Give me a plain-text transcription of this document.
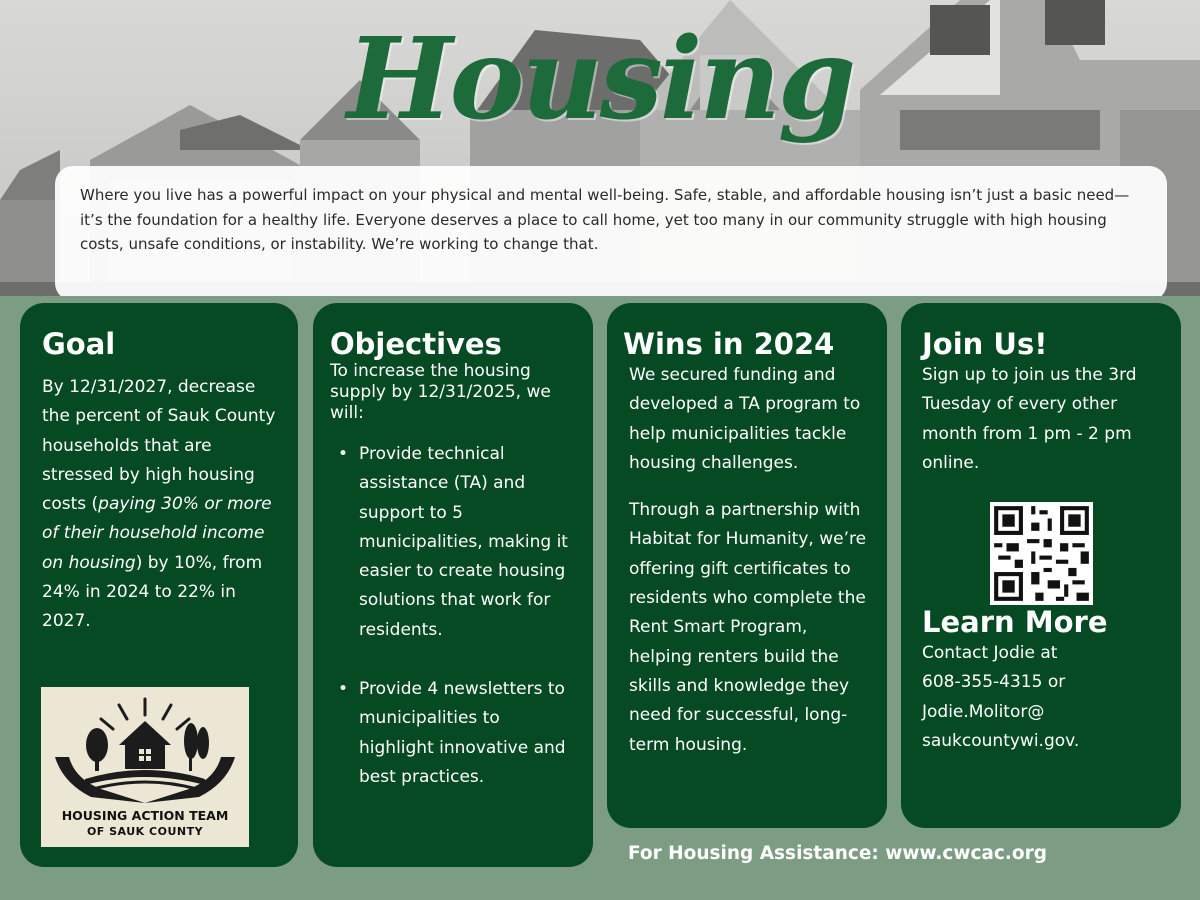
Housing
Where you live has a powerful impact on your physical and mental well-being. Safe, stable, and affordable housing isn’t just a basic need—it’s the foundation for a healthy life. Everyone deserves a place to call home, yet too many in our community struggle with high housing costs, unsafe conditions, or instability. We’re working to change that.
Goal

By 12/31/2027, decrease the percent of Sauk County households that are stressed by high housing costs (paying 30% or more of their household income on housing) by 10%, from 24% in 2024 to 22% in 2027.

HOUSING ACTION TEAM
OF SAUK COUNTY
Objectives

To increase the housing supply by 12/31/2025, we will:

• Provide technical assistance (TA) and support to 5 municipalities, making it easier to create housing solutions that work for residents.
• Provide 4 newsletters to municipalities to highlight innovative and best practices.
Wins in 2024

We secured funding and developed a TA program to help municipalities tackle housing challenges.

Through a partnership with Habitat for Humanity, we’re offering gift certificates to residents who complete the Rent Smart Program, helping renters build the skills and knowledge they need for successful, long-term housing.

Join Us!

Sign up to join us the 3rd Tuesday of every other month from 1 pm - 2 pm online.

Learn More

Contact Jodie at
608-355-4315 or
Jodie.Molitor@
saukcountywi.gov.

For Housing Assistance: www.cwcac.org
